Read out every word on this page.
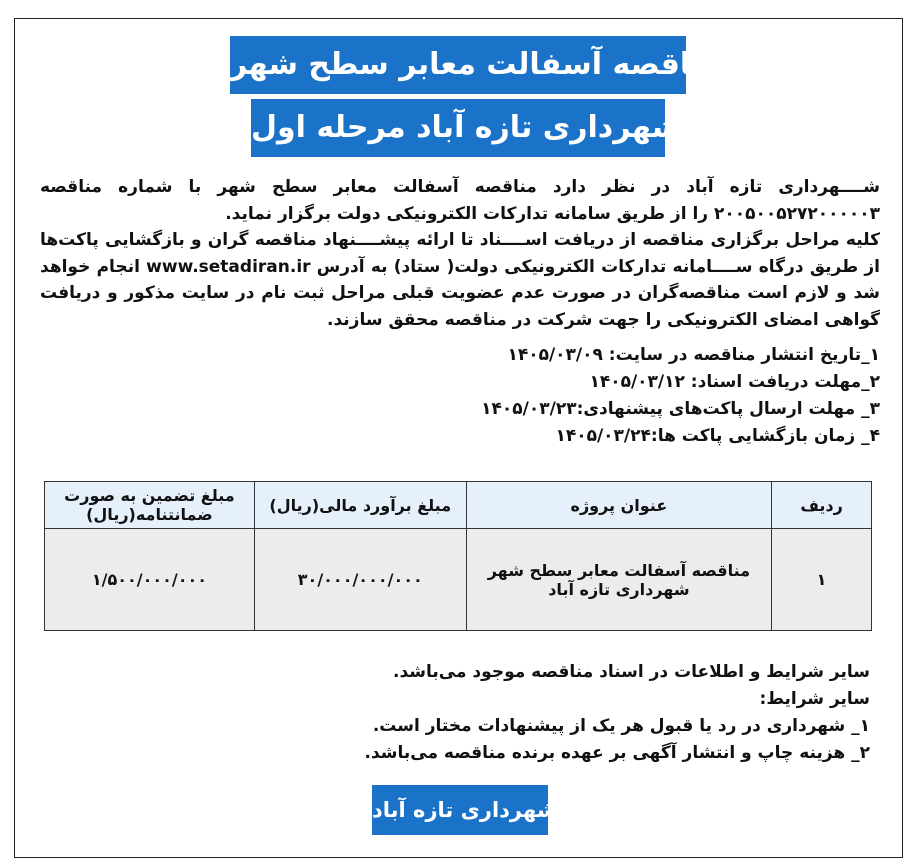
مناقصه آسفالت معابر سطح شهر
شهرداری تازه آباد مرحله اول

شــــهرداری تازه آباد در نظر دارد مناقصه آسفالت معابر سطح شهر با شماره مناقصه ۲۰۰۵۰۰۵۲۷۲۰۰۰۰۰۳ را از طریق سامانه تدارکات الکترونیکی دولت برگزار نماید.

کلیه مراحل برگزاری مناقصه از دریافت اســــناد تا ارائه پیشــــنهاد مناقصه گران و بازگشایی پاکت‌ها از طریق درگاه ســــامانه تدارکات الکترونیکی دولت( ستاد) به آدرس www.setadiran.ir انجام خواهد شد و لازم است مناقصه‌گران در صورت عدم عضویت قبلی مراحل ثبت نام در سایت مذکور و دریافت گواهی امضای الکترونیکی را جهت شرکت در مناقصه محقق سازند.

۱_تاریخ انتشار مناقصه در سایت: ۱۴۰۵/۰۳/۰۹
۲_مهلت دریافت اسناد: ۱۴۰۵/۰۳/۱۲
۳_ مهلت ارسال پاکت‌های پیشنهادی:۱۴۰۵/۰۳/۲۳
۴_ زمان بازگشایی پاکت ها:۱۴۰۵/۰۳/۲۴
ردیف	عنوان پروژه	مبلغ برآورد مالی(ریال)	مبلغ تضمین به صورت ضمانتنامه(ریال)
۱	مناقصه آسفالت معابر سطح شهر شهرداری تازه آباد	۳۰/۰۰۰/۰۰۰/۰۰۰	۱/۵۰۰/۰۰۰/۰۰۰
سایر شرایط و اطلاعات در اسناد مناقصه موجود می‌باشد.
سایر شرایط:
۱_ شهرداری در رد یا قبول هر یک از پیشنهادات مختار است.
۲_ هزینه چاپ و انتشار آگهی بر عهده برنده مناقصه می‌باشد.
شهرداری تازه آباد
